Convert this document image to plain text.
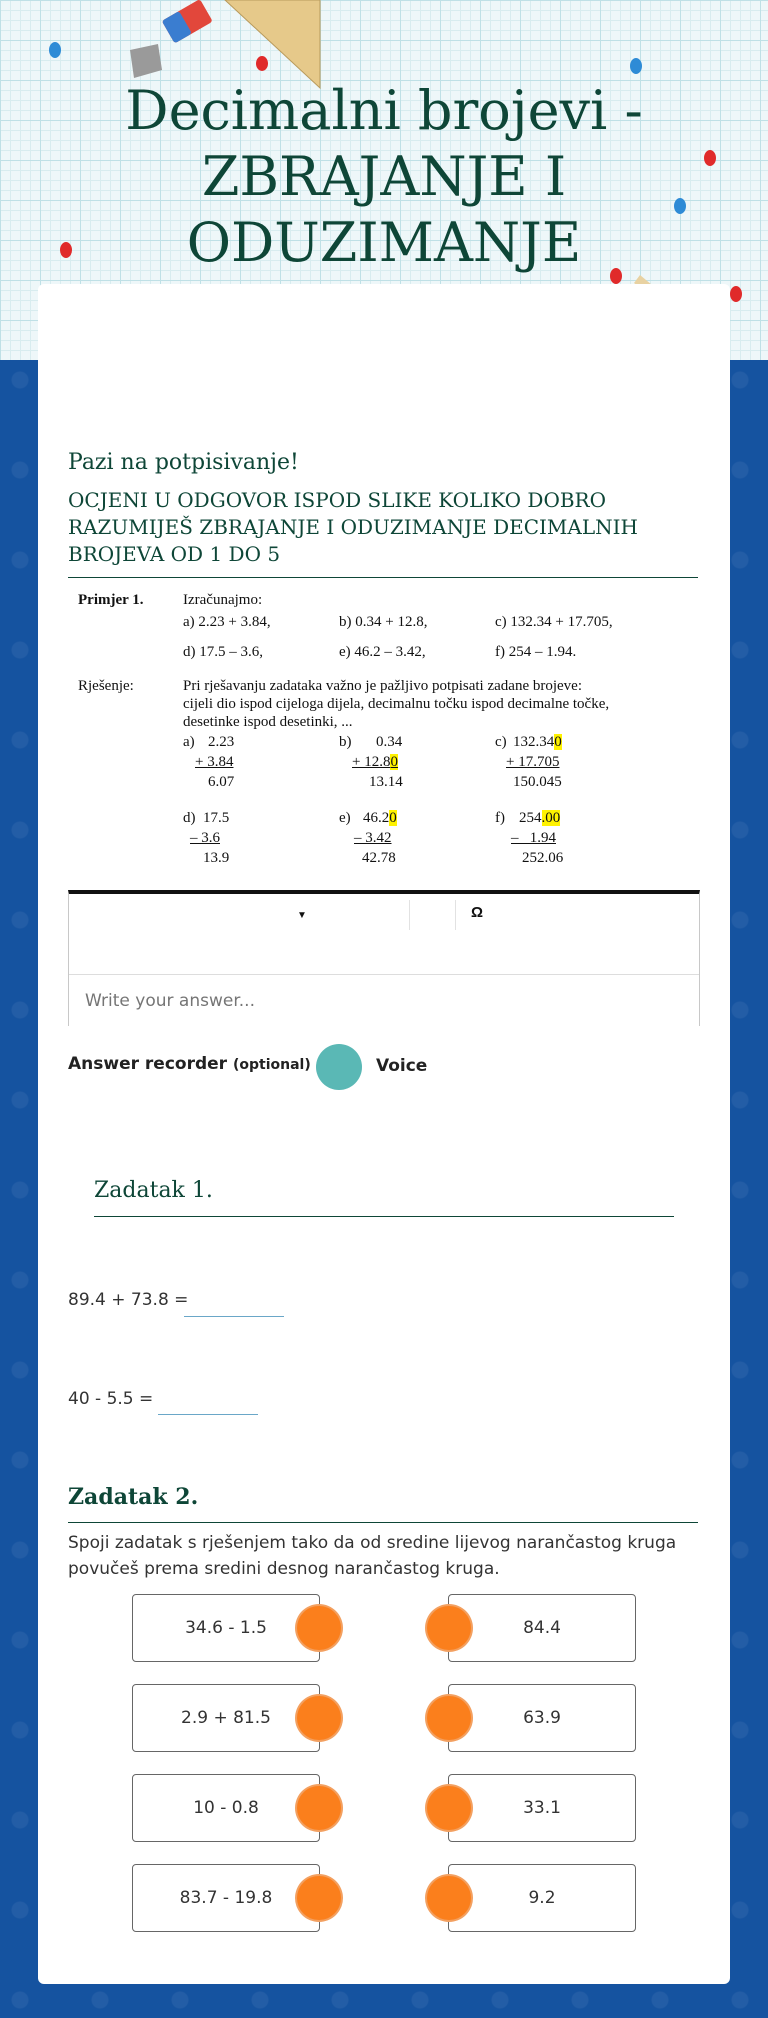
Decimalni brojevi -
ZBRAJANJE I
ODUZIMANJE
Pazi na potpisivanje!
OCJENI U ODGOVOR ISPOD SLIKE KOLIKO DOBRO
RAZUMIJEŠ ZBRAJANJE I ODUZIMANJE DECIMALNIH
BROJEVA OD 1 DO 5
Primjer 1.	Izračunajmo:
a) 2.23 + 3.84,	b) 0.34 + 12.8,	c) 132.34 + 17.705,
d) 17.5 – 3.6,	e) 46.2 – 3.42,	f) 254 – 1.94.
Rješenje:	Pri rješavanju zadataka važno je pažljivo potpisati zadane brojeve:
cijeli dio ispod cijeloga dijela, decimalnu točku ispod decimalne točke,
desetinke ispod desetinki, ...
a) 2.23
+ 3.84
6.07
b) 0.34
+ 12.80
13.14
c) 132.340
+ 17.705
150.045
d) 17.5
– 3.6
13.9
e) 46.20
– 3.42
42.78
f) 254.00
–   1.94
252.06
▼	Ω
Write your answer...
Answer recorder (optional)	Voice
Zadatak 1.
89.4 + 73.8 =
40 - 5.5 =
Zadatak 2.
Spoji zadatak s rješenjem tako da od sredine lijevog narančastog kruga povučeš prema sredini desnog narančastog kruga.
34.6 - 1.5
2.9 + 81.5
10 - 0.8
83.7 - 19.8
84.4
63.9
33.1
9.2
